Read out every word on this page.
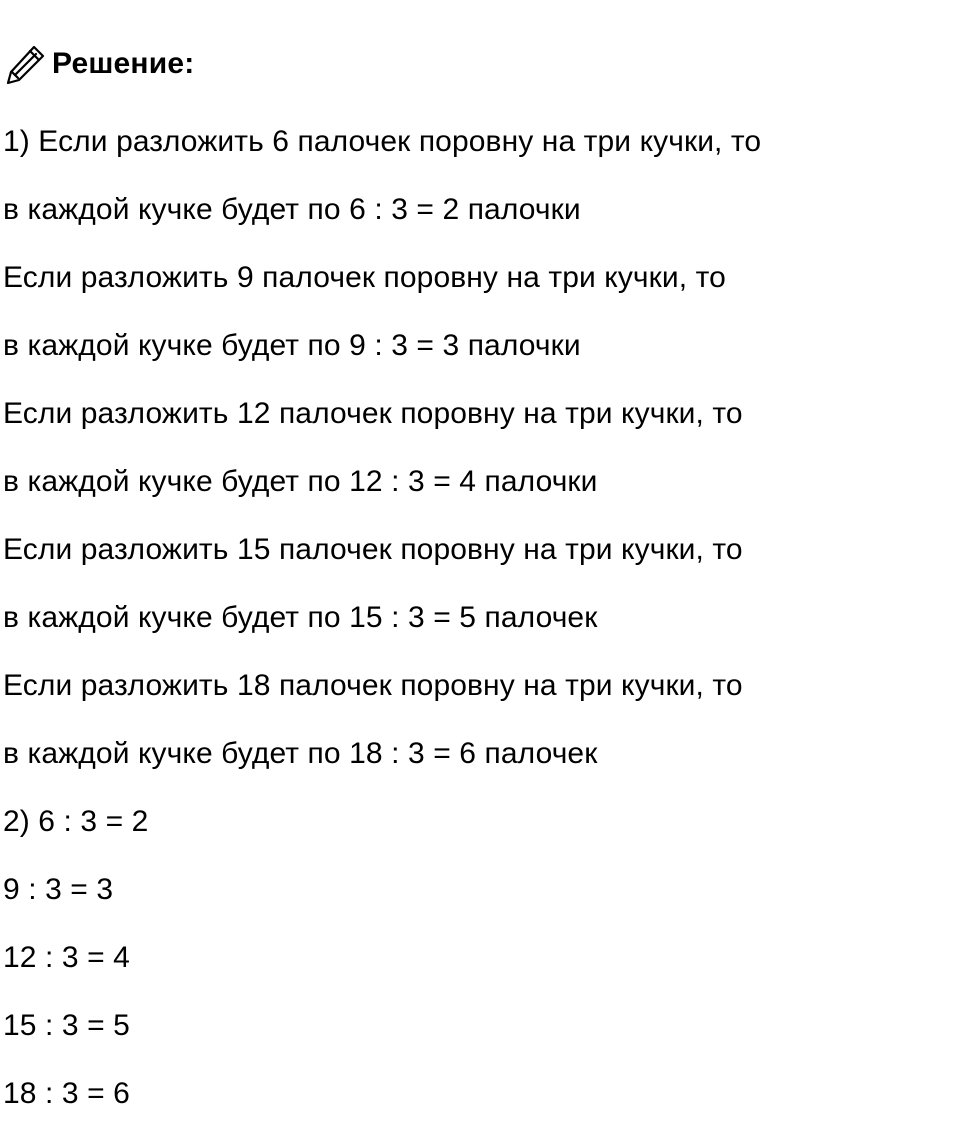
Решение:
1) Если разложить 6 палочек поровну на три кучки, то
в каждой кучке будет по 6 : 3 = 2 палочки
Если разложить 9 палочек поровну на три кучки, то
в каждой кучке будет по 9 : 3 = 3 палочки
Если разложить 12 палочек поровну на три кучки, то
в каждой кучке будет по 12 : 3 = 4 палочки
Если разложить 15 палочек поровну на три кучки, то
в каждой кучке будет по 15 : 3 = 5 палочек
Если разложить 18 палочек поровну на три кучки, то
в каждой кучке будет по 18 : 3 = 6 палочек
2) 6 : 3 = 2
9 : 3 = 3
12 : 3 = 4
15 : 3 = 5
18 : 3 = 6
